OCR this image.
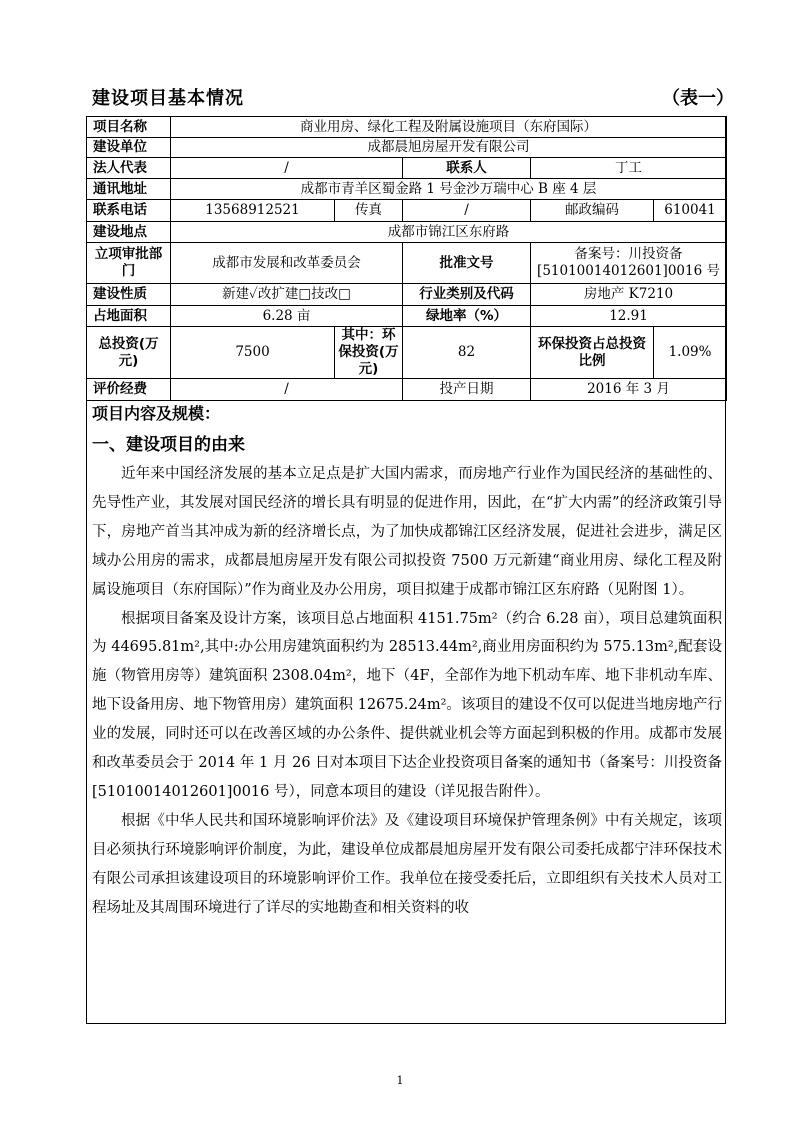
建设项目基本情况	（表一）
项目名称	商业用房、绿化工程及附属设施项目（东府国际）				
建设单位	成都晨旭房屋开发有限公司				
法人代表	/		联系人	丁工	
通讯地址	成都市青羊区蜀金路 1 号金沙万瑞中心 B 座 4 层				
联系电话	13568912521	传真	/	邮政编码	610041
建设地点	成都市锦江区东府路				
立项审批部门	成都市发展和改革委员会		批准文号	备案号：川投资备[51010014012601]0016 号	
建设性质	新建✓改扩建□技改□		行业类别及代码	房地产 K7210	
占地面积	6.28 亩		绿地率（%）	12.91	
总投资(万元)	7500	其中：环保投资(万元)	82	环保投资占总投资比例	1.09%
评价经费	/		投产日期	2016 年 3 月	
项目内容及规模：
一、建设项目的由来

近年来中国经济发展的基本立足点是扩大国内需求，而房地产行业作为国民经济的基础性的、先导性产业，其发展对国民经济的增长具有明显的促进作用，因此，在“扩大内需”的经济政策引导下，房地产首当其冲成为新的经济增长点，为了加快成都锦江区经济发展，促进社会进步，满足区域办公用房的需求，成都晨旭房屋开发有限公司拟投资 7500 万元新建“商业用房、绿化工程及附属设施项目（东府国际）”作为商业及办公用房，项目拟建于成都市锦江区东府路（见附图 1）。

根据项目备案及设计方案，该项目总占地面积 4151.75m²（约合 6.28 亩），项目总建筑面积为 44695.81m²,其中:办公用房建筑面积约为 28513.44m²,商业用房面积约为 575.13m²,配套设施（物管用房等）建筑面积 2308.04m²，地下（4F，全部作为地下机动车库、地下非机动车库、地下设备用房、地下物管用房）建筑面积 12675.24m²。该项目的建设不仅可以促进当地房地产行业的发展，同时还可以在改善区域的办公条件、提供就业机会等方面起到积极的作用。成都市发展和改革委员会于 2014 年 1 月 26 日对本项目下达企业投资项目备案的通知书（备案号：川投资备[51010014012601]0016 号），同意本项目的建设（详见报告附件）。

根据《中华人民共和国环境影响评价法》及《建设项目环境保护管理条例》中有关规定，该项目必须执行环境影响评价制度，为此，建设单位成都晨旭房屋开发有限公司委托成都宁沣环保技术有限公司承担该建设项目的环境影响评价工作。我单位在接受委托后，立即组织有关技术人员对工程场址及其周围环境进行了详尽的实地勘查和相关资料的收

1
